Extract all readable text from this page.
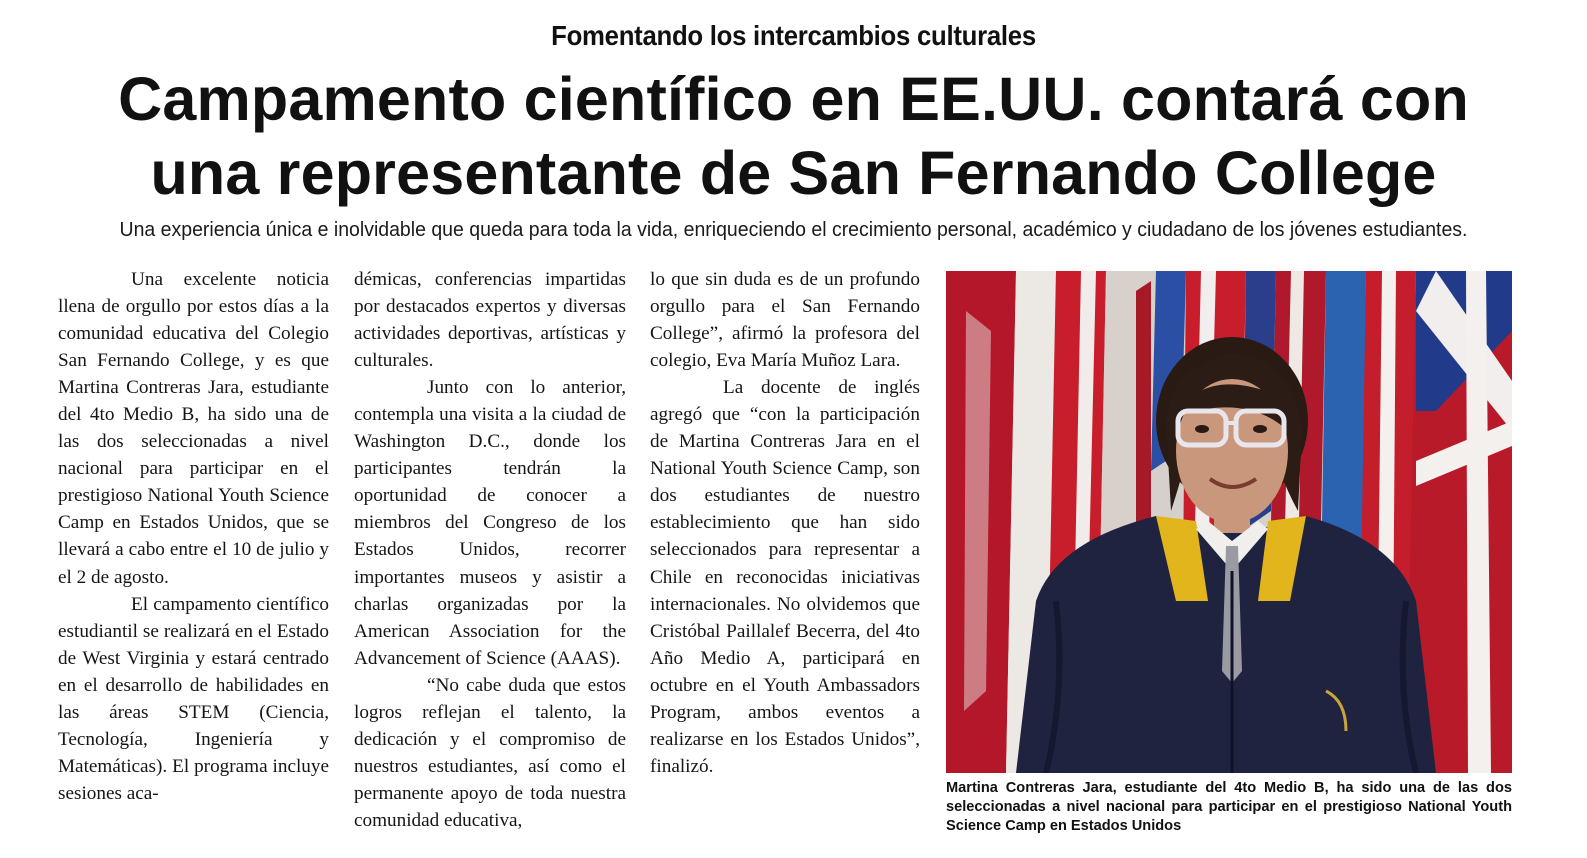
Fomentando los intercambios culturales
Campamento científico en EE.UU. contará con
una representante de San Fernando College
Una experiencia única e inolvidable que queda para toda la vida, enriqueciendo el crecimiento personal, académico y ciudadano de los jóvenes estudiantes.

Una excelente noticia llena de orgullo por estos días a la comunidad educativa del Colegio San Fernando College, y es que Martina Contreras Jara, estudiante del 4to Medio B, ha sido una de las dos seleccionadas a nivel nacional para participar en el prestigioso National Youth Science Camp en Estados Unidos, que se llevará a cabo entre el 10 de julio y el 2 de agosto.

El campamento científico estudiantil se realizará en el Estado de West Virginia y estará centrado en el desarrollo de habilidades en las áreas STEM (Ciencia, Tecnología, Ingeniería y Matemáticas). El programa incluye sesiones aca-

démicas, conferencias impartidas por destacados expertos y diversas actividades deportivas, artísticas y culturales.

Junto con lo anterior, contempla una visita a la ciudad de Washington D.C., donde los participantes tendrán la oportunidad de conocer a miembros del Congreso de los Estados Unidos, recorrer importantes museos y asistir a charlas organizadas por la American Association for the Advancement of Science (AAAS).

“No cabe duda que estos logros reflejan el talento, la dedicación y el compromiso de nuestros estudiantes, así como el permanente apoyo de toda nuestra comunidad educativa,

lo que sin duda es de un profundo orgullo para el San Fernando College”, afirmó la profesora del colegio, Eva María Muñoz Lara.

La docente de inglés agregó que “con la participación de Martina Contreras Jara en el National Youth Science Camp, son dos estudiantes de nuestro establecimiento que han sido seleccionados para representar a Chile en reconocidas iniciativas internacionales. No olvidemos que Cristóbal Paillalef Becerra, del 4to Año Medio A, participará en octubre en el Youth Ambassadors Program, ambos eventos a realizarse en los Estados Unidos”, finalizó.

Martina Contreras Jara, estudiante del 4to Medio B, ha sido una de las dos seleccionadas a nivel nacional para participar en el prestigioso National Youth Science Camp en Estados Unidos
